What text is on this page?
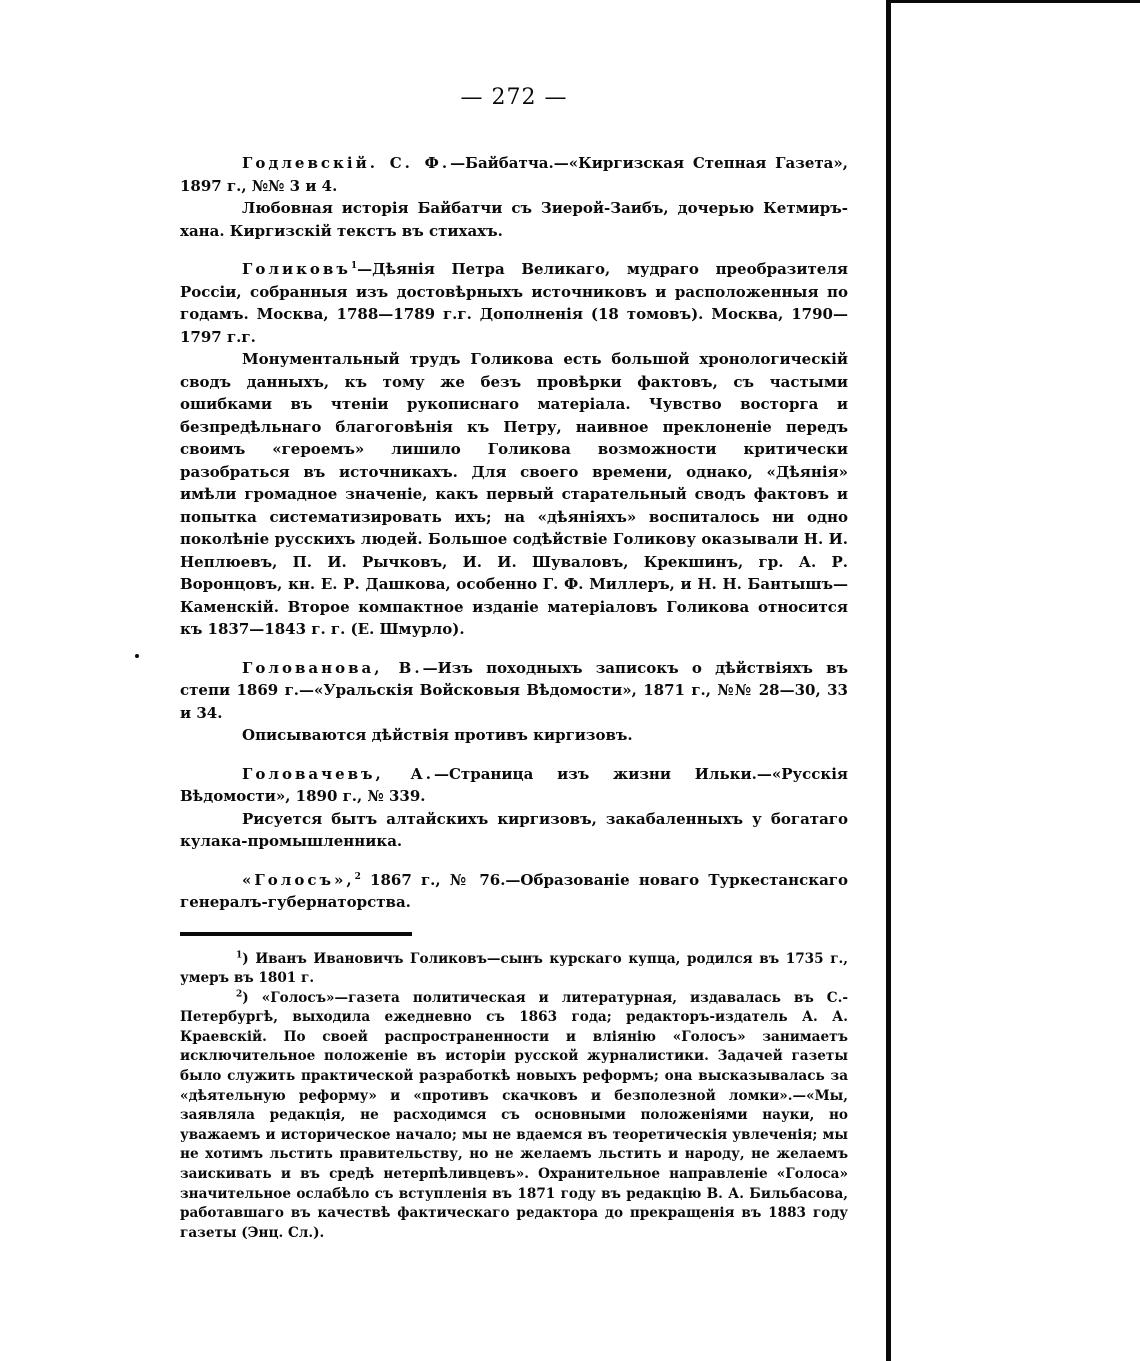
— 272 —

Годлевскiй. С. Ф.—Байбатча.—«Киргизская Степная Газета», 1897 г., №№ 3 и 4.

Любовная исторiя Байбатчи съ Зиерой-Заибъ, дочерью Кетмиръ-хана. Киргизскiй текстъ въ стихахъ.

Голиковъ$^1$—Дѣянiя Петра Великаго, мудраго преобразителя Россiи, собранныя изъ достовѣрныхъ источниковъ и расположенныя по годамъ. Москва, 1788—1789 г.г. Дополненiя (18 томовъ). Москва, 1790—1797 г.г.

Монументальный трудъ Голикова есть большой хронологическiй сводъ данныхъ, къ тому же безъ провѣрки фактовъ, съ частыми ошибками въ чтенiи рукописнаго матерiала. Чувство восторга и безпредѣльнаго благоговѣнiя къ Петру, наивное преклоненiе передъ своимъ «героемъ» лишило Голикова возможности критически разобраться въ источникахъ. Для своего времени, однако, «Дѣянiя» имѣли громадное значенiе, какъ первый старательный сводъ фактовъ и попытка систематизировать ихъ; на «дѣянiяхъ» воспиталось ни одно поколѣнiе русскихъ людей. Большое содѣйствiе Голикову оказывали Н. И. Неплюевъ, П. И. Рычковъ, И. И. Шуваловъ, Крекшинъ, гр. А. Р. Воронцовъ, кн. Е. Р. Дашкова, особенно Г. Ф. Миллеръ, и Н. Н. Бантышъ—Каменскiй. Второе компактное изданiе матерiаловъ Голикова относится къ 1837—1843 г. г. (Е. Шмурло).

Голованова, В.—Изъ походныхъ записокъ о дѣйствiяхъ въ степи 1869 г.—«Уральскiя Войсковыя Вѣдомости», 1871 г., №№ 28—30, 33 и 34.

Описываются дѣйствiя противъ киргизовъ.

Головачевъ, А.—Страница изъ жизни Ильки.—«Русскiя Вѣдомости», 1890 г., № 339.

Рисуется бытъ алтайскихъ киргизовъ, закабаленныхъ у богатаго кулака-промышленника.

«Голосъ»,$^2$ 1867 г., № 76.—Образованiе новаго Туркестанскаго генералъ-губернаторства.

$^1$) Иванъ Ивановичъ Голиковъ—сынъ курскаго купца, родился въ 1735 г., умеръ въ 1801 г.

$^2$) «Голосъ»—газета политическая и литературная, издавалась въ С.-Петербургѣ, выходила ежедневно съ 1863 года; редакторъ-издатель А. А. Краевскiй. По своей распространенности и влiянiю «Голосъ» занимаетъ исключительное положенiе въ исторiи русской журналистики. Задачей газеты было служить практической разработкѣ новыхъ реформъ; она высказывалась за «дѣятельную реформу» и «противъ скачковъ и безполезной ломки».—«Мы, заявляла редакцiя, не расходимся съ основными положенiями науки, но уважаемъ и историческое начало; мы не вдаемся въ теоретическiя увлеченiя; мы не хотимъ льстить правительству, но не желаемъ льстить и народу, не желаемъ заискивать и въ средѣ нетерпѣливцевъ». Охранительное направленiе «Голоса» значительное ослабѣло съ вступленiя въ 1871 году въ редакцiю В. А. Бильбасова, работавшаго въ качествѣ фактическаго редактора до прекращенiя въ 1883 году газеты (Энц. Сл.).
